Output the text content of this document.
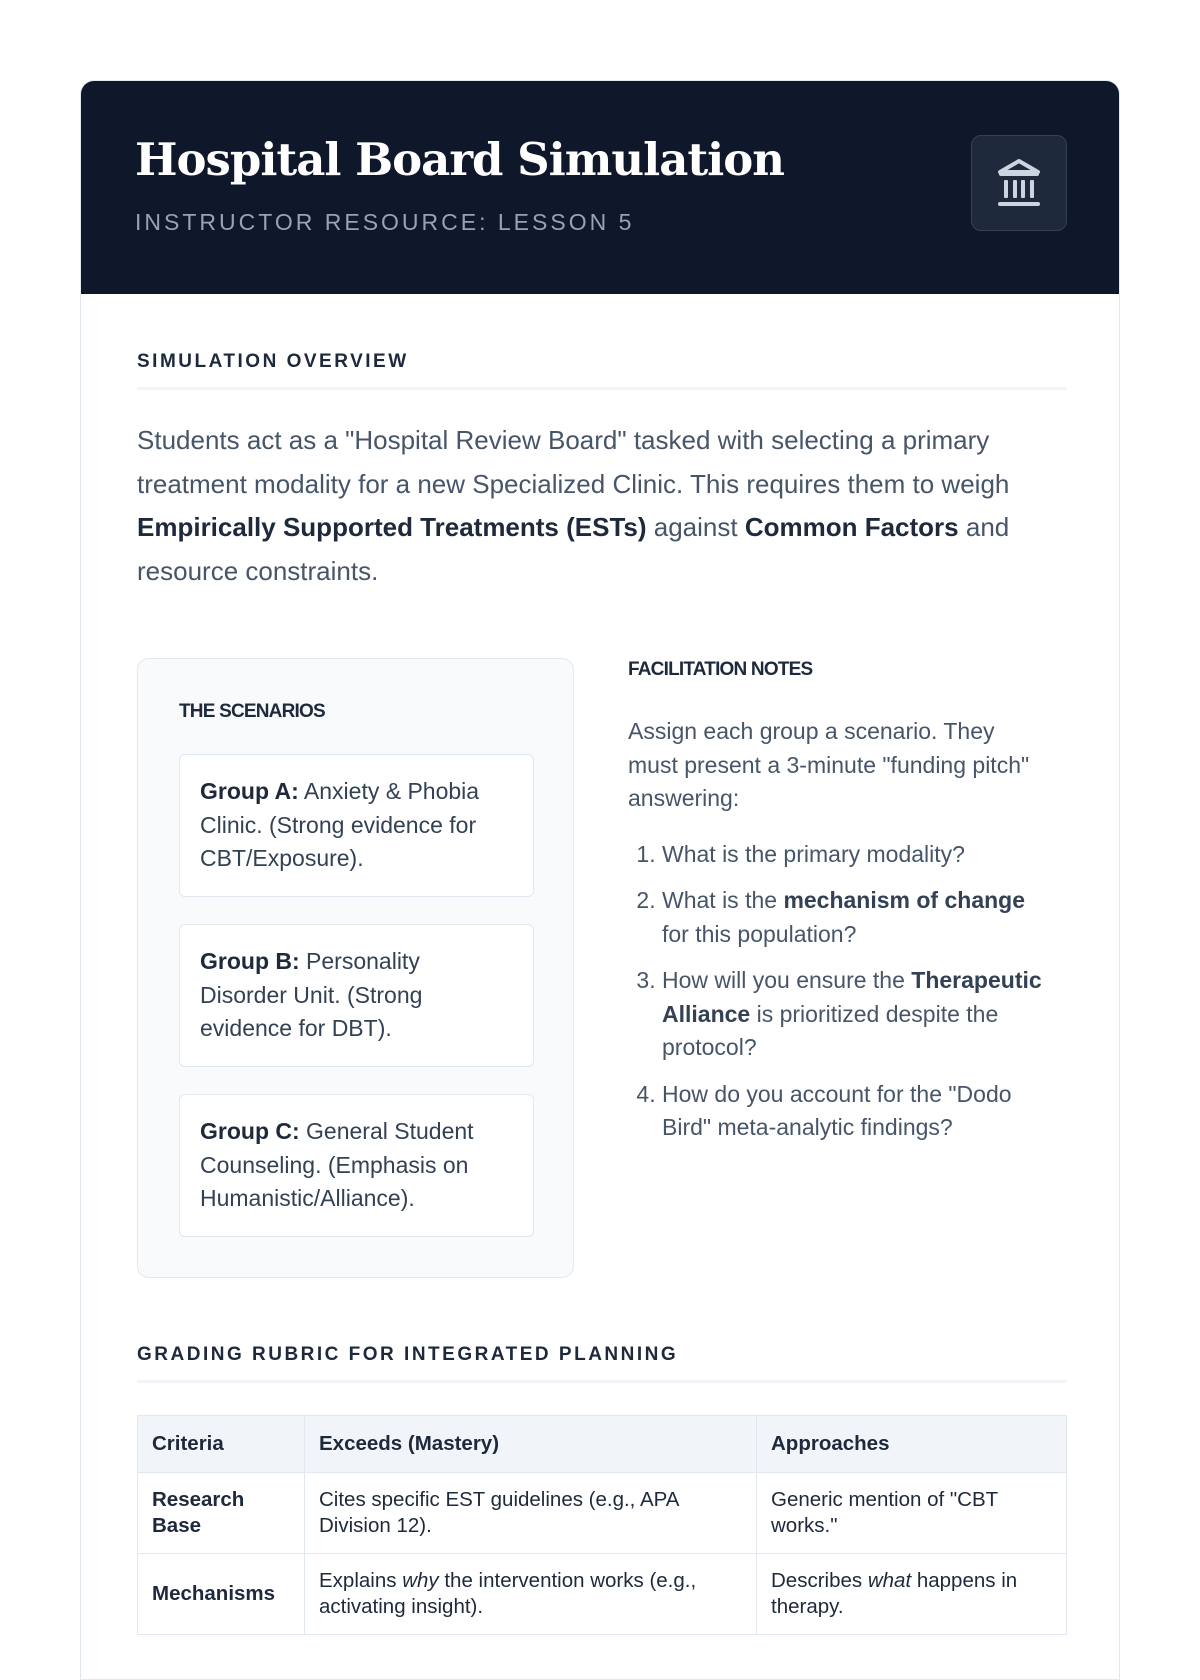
Hospital Board Simulation
INSTRUCTOR RESOURCE: LESSON 5
SIMULATION OVERVIEW
Students act as a "Hospital Review Board" tasked with selecting a primary treatment modality for a new Specialized Clinic. This requires them to weigh Empirically Supported Treatments (ESTs) against Common Factors and resource constraints.
THE SCENARIOS
Group A: Anxiety & Phobia Clinic. (Strong evidence for CBT/Exposure).
Group B: Personality Disorder Unit. (Strong evidence for DBT).
Group C: General Student Counseling. (Emphasis on Humanistic/Alliance).
FACILITATION NOTES

Assign each group a scenario. They must present a 3-minute "funding pitch" answering:

1. What is the primary modality?
2. What is the mechanism of change for this population?
3. How will you ensure the Therapeutic Alliance is prioritized despite the protocol?
4. How do you account for the "Dodo Bird" meta-analytic findings?
GRADING RUBRIC FOR INTEGRATED PLANNING
Criteria	Exceeds (Mastery)	Approaches
Research Base	Cites specific EST guidelines (e.g., APA Division 12).	Generic mention of "CBT works."
Mechanisms	Explains why the intervention works (e.g., activating insight).	Describes what happens in therapy.
